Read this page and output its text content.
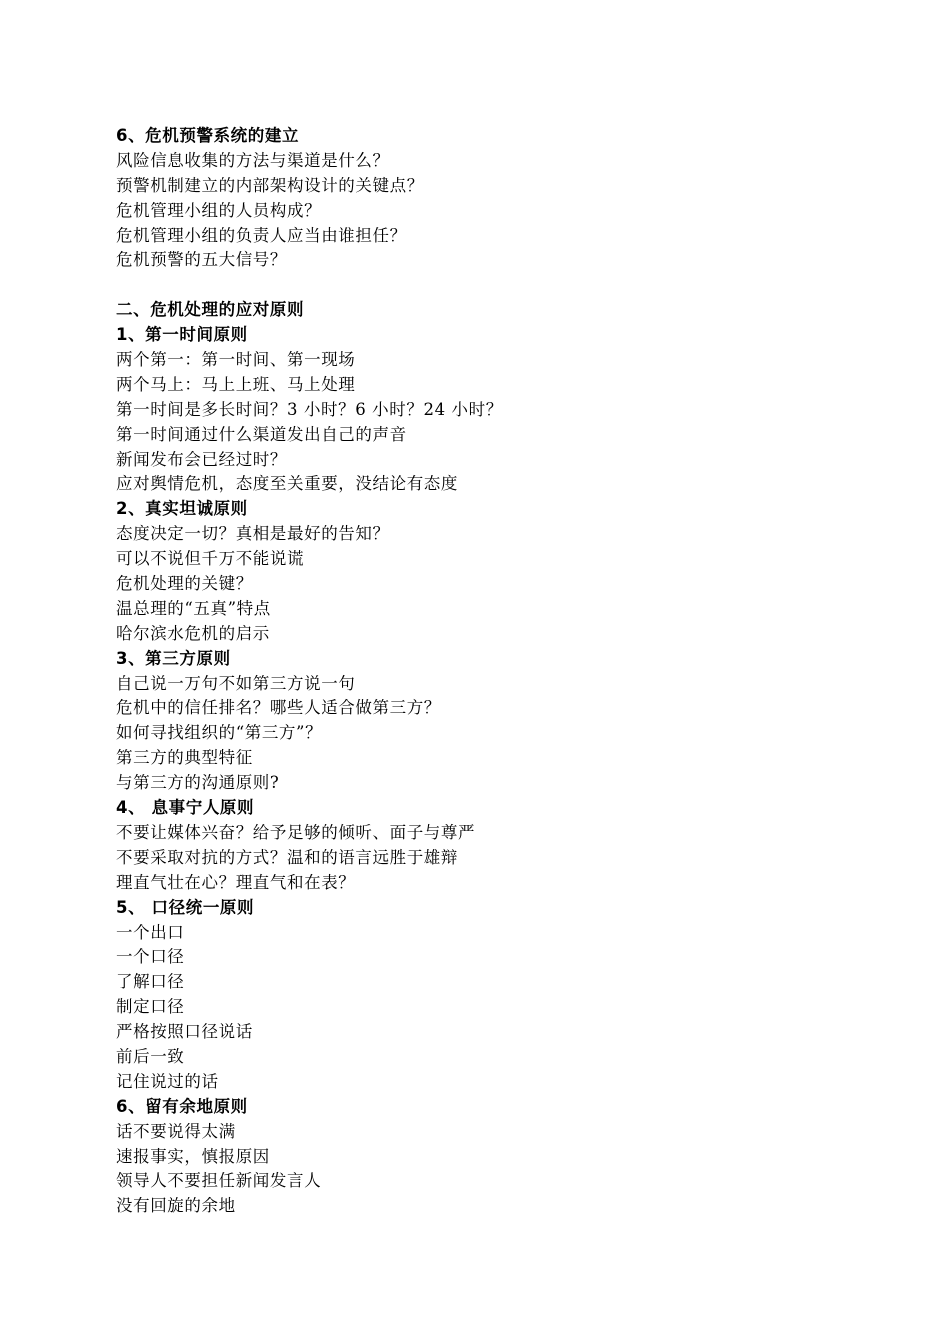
6、危机预警系统的建立
风险信息收集的方法与渠道是什么？
预警机制建立的内部架构设计的关键点？
危机管理小组的人员构成？
危机管理小组的负责人应当由谁担任？
危机预警的五大信号？
二、危机处理的应对原则
1、第一时间原则
两个第一：第一时间、第一现场
两个马上：马上上班、马上处理
第一时间是多长时间？3 小时？6 小时？24 小时？
第一时间通过什么渠道发出自己的声音
新闻发布会已经过时？
应对舆情危机，态度至关重要，没结论有态度
2、真实坦诚原则
态度决定一切？真相是最好的告知？
可以不说但千万不能说谎
危机处理的关键？
温总理的“五真”特点
哈尔滨水危机的启示
3、第三方原则
自己说一万句不如第三方说一句
危机中的信任排名？哪些人适合做第三方？
如何寻找组织的“第三方”？
第三方的典型特征
与第三方的沟通原则?
4、 息事宁人原则
不要让媒体兴奋？给予足够的倾听、面子与尊严
不要采取对抗的方式？温和的语言远胜于雄辩
理直气壮在心？理直气和在表？
5、 口径统一原则
一个出口
一个口径
了解口径
制定口径
严格按照口径说话
前后一致
记住说过的话
6、留有余地原则
话不要说得太满
速报事实，慎报原因
领导人不要担任新闻发言人
没有回旋的余地
